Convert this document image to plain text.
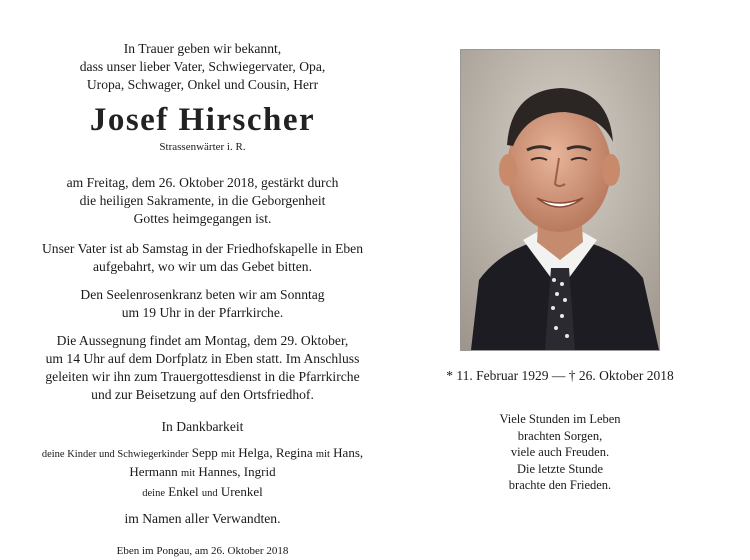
In Trauer geben wir bekannt,

dass unser lieber Vater, Schwiegervater, Opa,

Uropa, Schwager, Onkel und Cousin, Herr

Josef Hirscher

Strassenwärter i. R.

am Freitag, dem 26. Oktober 2018, gestärkt durch

die heiligen Sakramente, in die Geborgenheit

Gottes heimgegangen ist.

Unser Vater ist ab Samstag in der Friedhofskapelle in Eben

aufgebahrt, wo wir um das Gebet bitten.

Den Seelenrosenkranz beten wir am Sonntag

um 19 Uhr in der Pfarrkirche.

Die Aussegnung findet am Montag, dem 29. Oktober,

um 14 Uhr auf dem Dorfplatz in Eben statt. Im Anschluss

geleiten wir ihn zum Trauergottesdienst in die Pfarrkirche

und zur Beisetzung auf den Ortsfriedhof.

In Dankbarkeit

deine Kinder und Schwiegerkinder Sepp mit Helga, Regina mit Hans,
Hermann mit Hannes, Ingrid
deine Enkel und Urenkel

im Namen aller Verwandten.

Eben im Pongau, am 26. Oktober 2018

* 11. Februar 1929 — † 26. Oktober 2018
Viele Stunden im Leben
brachten Sorgen,
viele auch Freuden.
Die letzte Stunde
brachte den Frieden.
